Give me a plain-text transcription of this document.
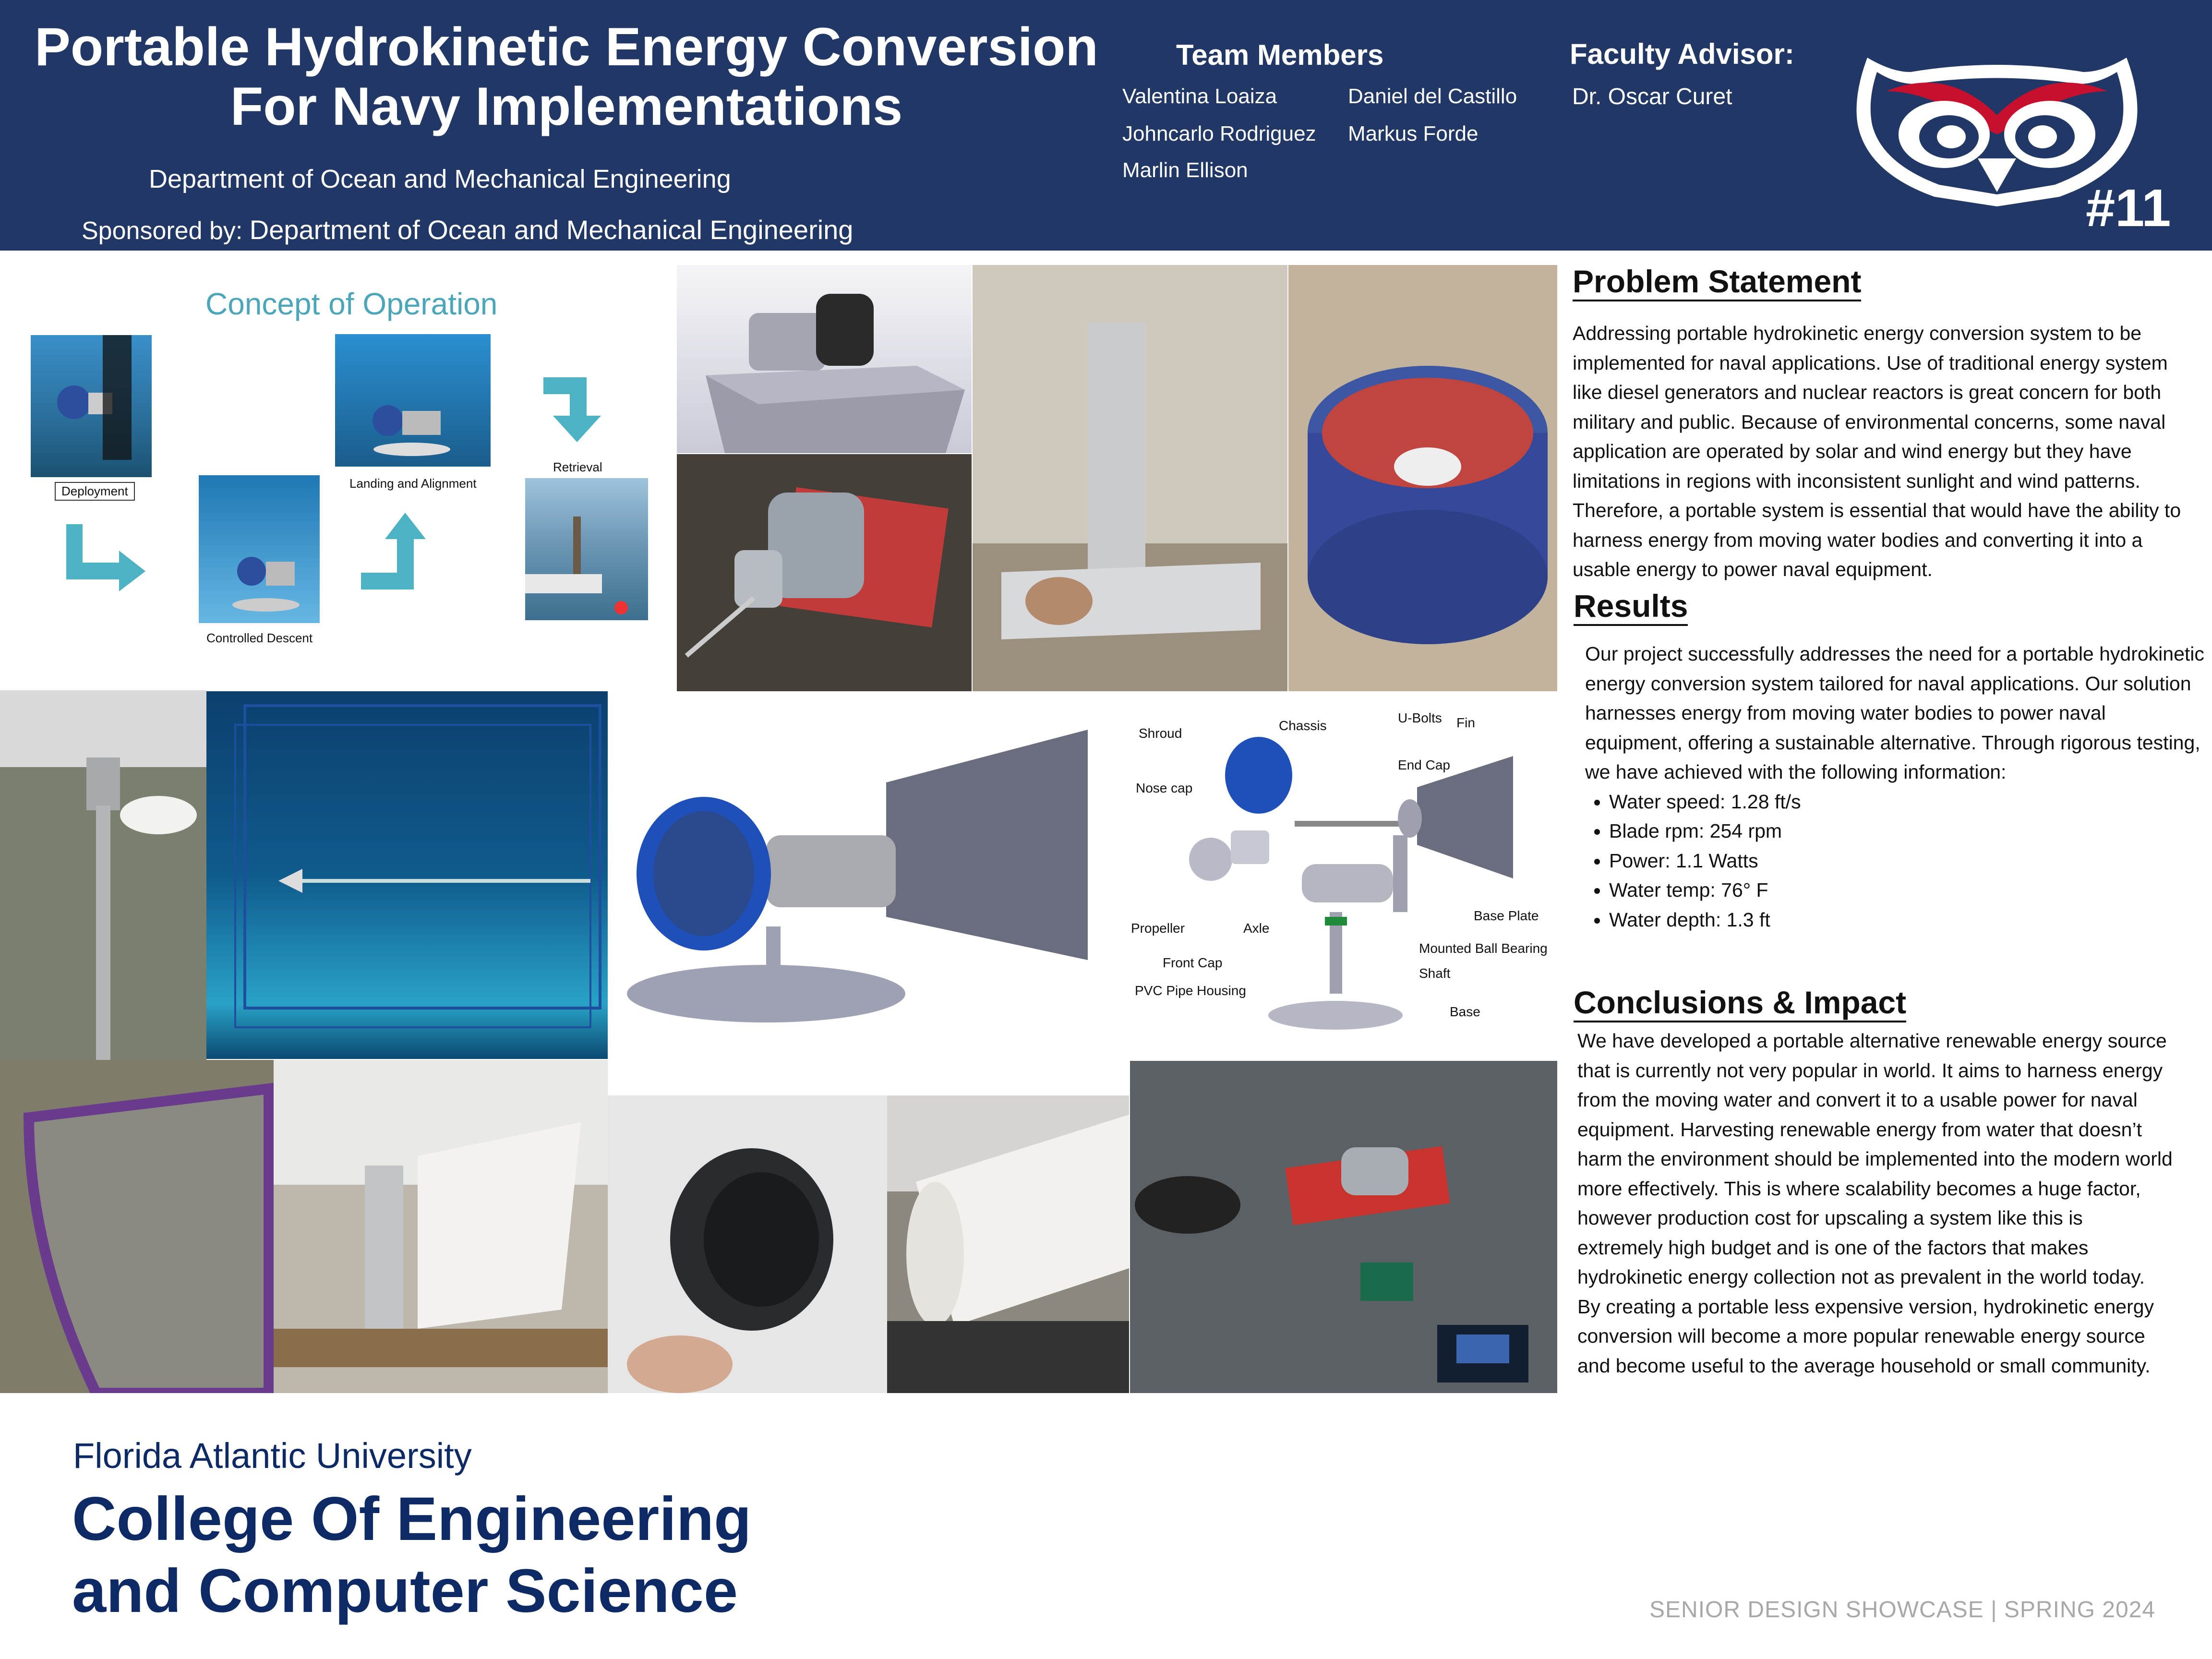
Portable Hydrokinetic Energy Conversion
For Navy Implementations
Department of Ocean and Mechanical Engineering
Sponsored by: Department of Ocean and Mechanical Engineering
Team Members
Valentina Loaiza	Daniel del Castillo
Johncarlo Rodriguez Markus Forde
Marlin Ellison
Faculty Advisor:
Dr. Oscar Curet
#11
Concept of Operation
Deployment
Controlled Descent
Landing and Alignment
Retrieval
Problem Statement
Addressing portable hydrokinetic energy conversion system to be implemented for naval applications. Use of traditional energy system like diesel generators and nuclear reactors is great concern for both military and public. Because of environmental concerns, some naval application are operated by solar and wind energy but they have limitations in regions with inconsistent sunlight and wind patterns. Therefore, a portable system is essential that would have the ability to harness energy from moving water bodies and converting it into a usable energy to power naval equipment.
Results
Our project successfully addresses the need for a portable hydrokinetic energy conversion system tailored for naval applications. Our solution harnesses energy from moving water bodies to power naval equipment, offering a sustainable alternative. Through rigorous testing, we have achieved with the following information:
• Water speed: 1.28 ft/s
• Blade rpm: 254 rpm
• Power: 1.1 Watts
• Water temp: 76° F
• Water depth: 1.3 ft
Conclusions & Impact
We have developed a portable alternative renewable energy source that is currently not very popular in world. It aims to harness energy from the moving water and convert it to a usable power for naval equipment. Harvesting renewable energy from water that doesn’t harm the environment should be implemented into the modern world more effectively. This is where scalability becomes a huge factor, however production cost for upscaling a system like this is extremely high budget and is one of the factors that makes hydrokinetic energy collection not as prevalent in the world today. By creating a portable less expensive version, hydrokinetic energy conversion will become a more popular renewable energy source and become useful to the average household or small community.
Shroud
Chassis
U-Bolts Fin
End Cap
Nose cap
Propeller	Axle
Front Cap
PVC Pipe Housing
Base Plate
Mounted Ball Bearing
Shaft
Base
Florida Atlantic University
College Of Engineering
and Computer Science	SENIOR DESIGN SHOWCASE | SPRING 2024
